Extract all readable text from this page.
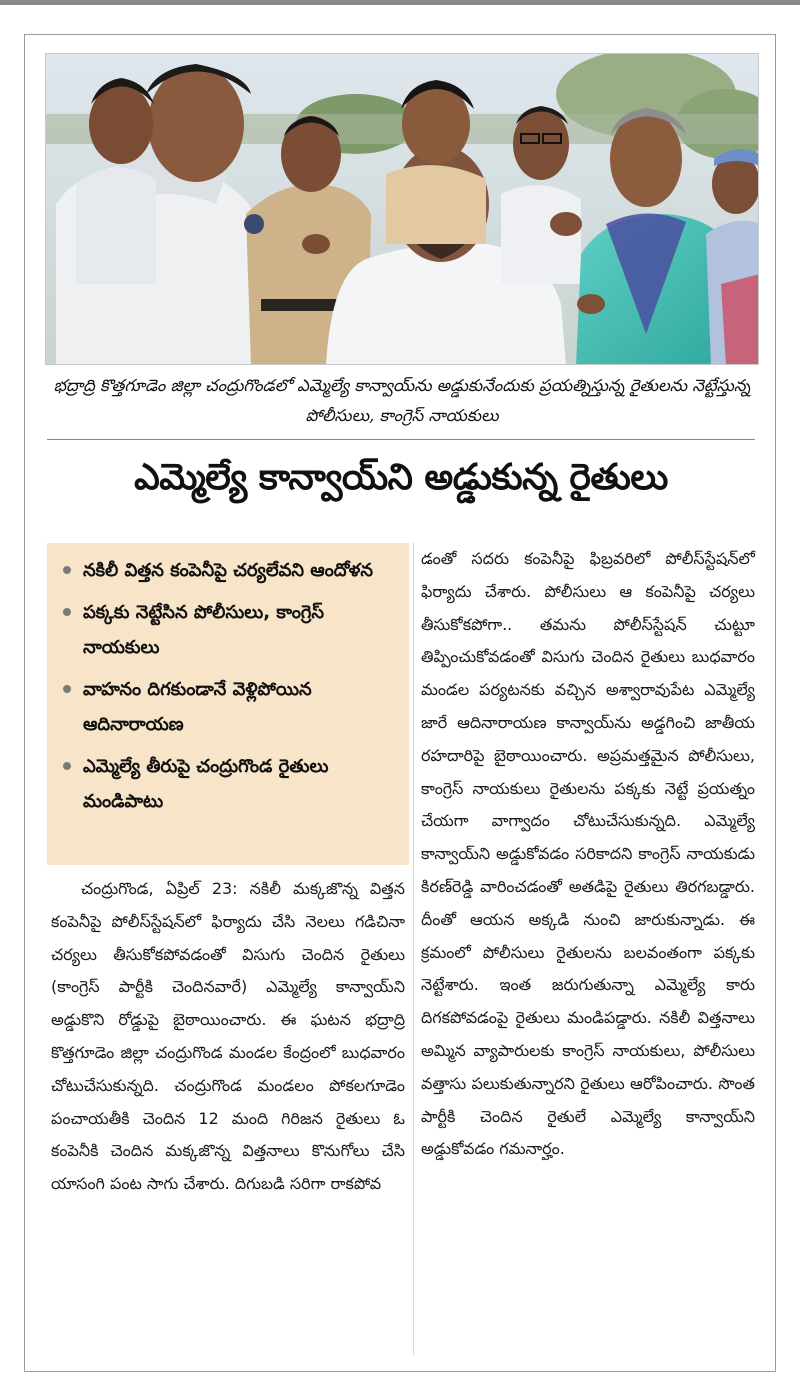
భద్రాద్రి కొత్తగూడెం జిల్లా చంద్రుగొండలో ఎమ్మెల్యే కాన్వాయ్‌ను అడ్డుకునేందుకు ప్రయత్నిస్తున్న రైతులను నెట్టేస్తున్న పోలీసులు, కాంగ్రెస్ నాయకులు
ఎమ్మెల్యే కాన్వాయ్‌ని అడ్డుకున్న రైతులు
నకిలీ విత్తన కంపెనీపై చర్యలేవని ఆందోళన
పక్కకు నెట్టేసిన పోలీసులు, కాంగ్రెస్ నాయకులు
వాహనం దిగకుండానే వెళ్లిపోయిన ఆదినారాయణ
ఎమ్మెల్యే తీరుపై చంద్రుగొండ రైతులు మండిపాటు
చంద్రుగొండ, ఏప్రిల్ 23: నకిలీ మక్కజొన్న విత్తన కంపెనీపై పోలీస్‌స్టేషన్‌లో ఫిర్యాదు చేసి నెలలు గడిచినా చర్యలు తీసుకోకపోవడంతో విసుగు చెందిన రైతులు (కాంగ్రెస్ పార్టీకి చెందినవారే) ఎమ్మెల్యే కాన్వాయ్‌ని అడ్డుకొని రోడ్డుపై బైఠాయించారు. ఈ ఘటన భద్రాద్రి కొత్తగూడెం జిల్లా చంద్రుగొండ మండల కేంద్రంలో బుధవారం చోటుచేసుకున్నది. చంద్రుగొండ మండలం పోకలగూడెం పంచాయతీకి చెందిన 12 మంది గిరిజన రైతులు ఓ కంపెనీకి చెందిన మక్కజొన్న విత్తనాలు కొనుగోలు చేసి యాసంగి పంట సాగు చేశారు. దిగుబడి సరిగా రాకపోవ
డంతో సదరు కంపెనీపై ఫిబ్రవరిలో పోలీస్‌స్టేషన్‌లో ఫిర్యాదు చేశారు. పోలీసులు ఆ కంపెనీపై చర్యలు తీసుకోకపోగా.. తమను పోలీస్‌స్టేషన్ చుట్టూ తిప్పించుకోవడంతో విసుగు చెందిన రైతులు బుధవారం మండల పర్యటనకు వచ్చిన అశ్వారావుపేట ఎమ్మెల్యే జారే ఆదినారాయణ కాన్వాయ్‌ను అడ్డగించి జాతీయ రహదారిపై బైఠాయించారు. అప్రమత్తమైన పోలీసులు, కాంగ్రెస్ నాయకులు రైతులను పక్కకు నెట్టే ప్రయత్నం చేయగా వాగ్వాదం చోటుచేసుకున్నది. ఎమ్మెల్యే కాన్వాయ్‌ని అడ్డుకోవడం సరికాదని కాంగ్రెస్ నాయకుడు కిరణ్‌రెడ్డి వారించడంతో అతడిపై రైతులు తిరగబడ్డారు. దీంతో ఆయన అక్కడి నుంచి జారుకున్నాడు. ఈ క్రమంలో పోలీసులు రైతులను బలవంతంగా పక్కకు నెట్టేశారు. ఇంత జరుగుతున్నా ఎమ్మెల్యే కారు దిగకపోవడంపై రైతులు మండిపడ్డారు. నకిలీ విత్తనాలు అమ్మిన వ్యాపారులకు కాంగ్రెస్ నాయకులు, పోలీసులు వత్తాసు పలుకుతున్నారని రైతులు ఆరోపించారు. సొంత పార్టీకి చెందిన రైతులే ఎమ్మెల్యే కాన్వాయ్‌ని అడ్డుకోవడం గమనార్హం.
